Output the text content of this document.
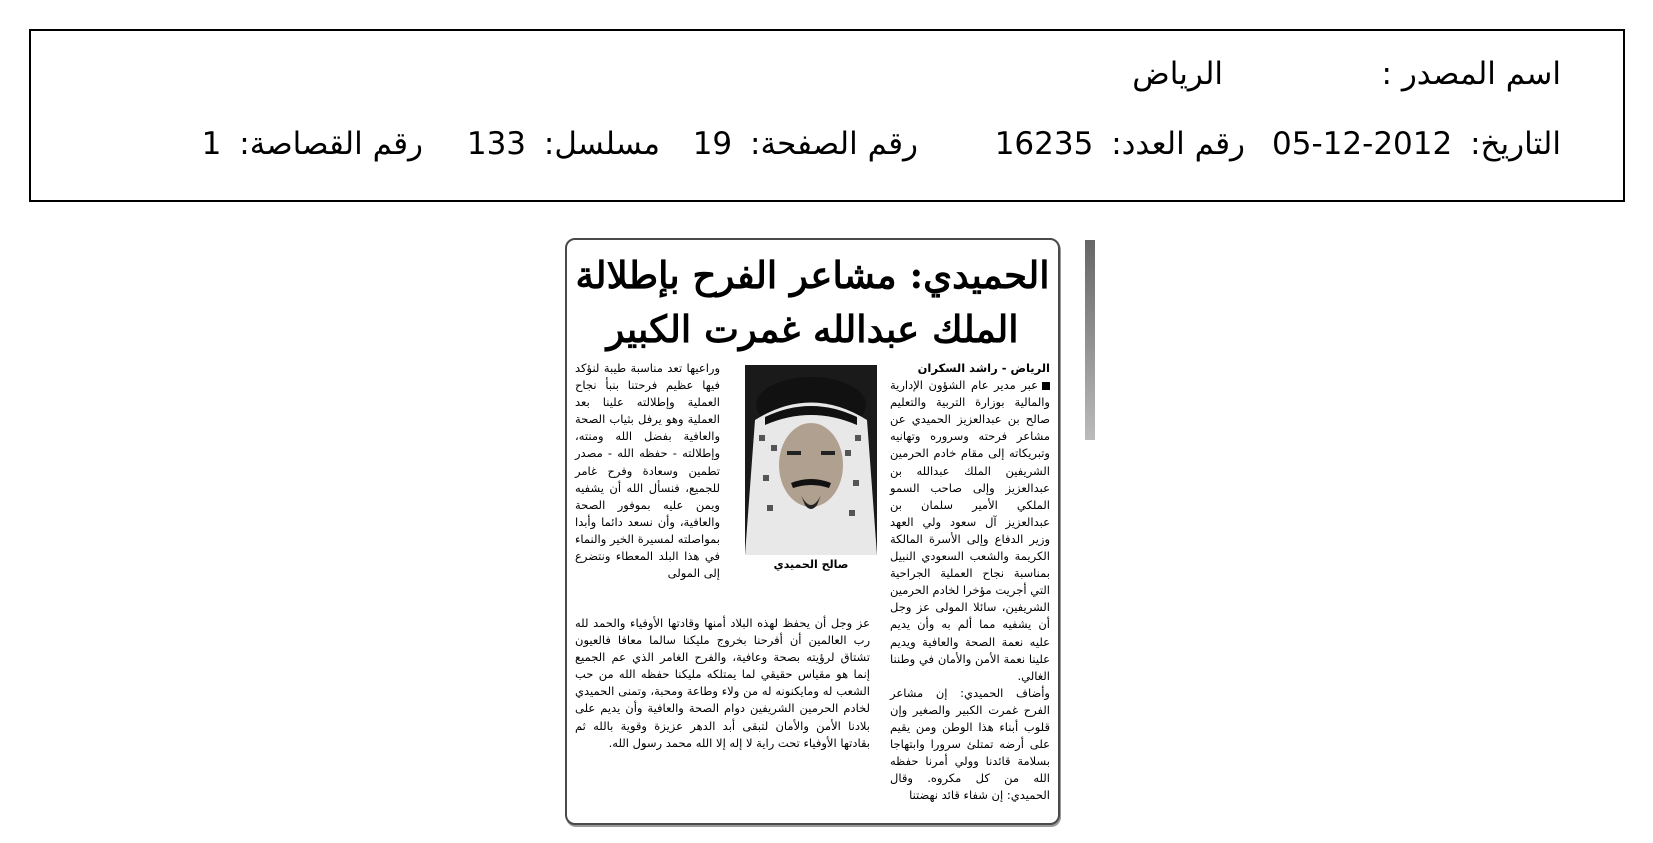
اسم المصدر :
الرياض
التاريخ: 2012-12-05
رقم العدد: 16235
رقم الصفحة: 19
مسلسل: 133
رقم القصاصة: 1
الحميدي: مشاعر الفرح بإطلالة الملك عبدالله غمرت الكبير

الرياض - راشد السكران

عبر مدير عام الشؤون الإدارية والمالية بوزارة التربية والتعليم صالح بن عبدالعزيز الحميدي عن مشاعر فرحته وسروره وتهانيه وتبريكاته إلى مقام خادم الحرمين الشريفين الملك عبدالله بن عبدالعزيز وإلى صاحب السمو الملكي الأمير سلمان بن عبدالعزيز آل سعود ولي العهد وزير الدفاع وإلى الأسرة المالكة الكريمة والشعب السعودي النبيل بمناسبة نجاح العملية الجراحية التي أجريت مؤخرا لخادم الحرمين الشريفين، سائلا المولى عز وجل أن يشفيه مما ألم به وأن يديم عليه نعمة الصحة والعافية ويديم علينا نعمة الأمن والأمان في وطننا الغالي.

وأضاف الحميدي: إن مشاعر الفرح غمرت الكبير والصغير وإن قلوب أبناء هذا الوطن ومن يقيم على أرضه تمتلئ سرورا وابتهاجا بسلامة قائدنا وولي أمرنا حفظه الله من كل مكروه. وقال الحميدي: إن شفاء قائد نهضتنا

صالح الحميدي

وراعيها تعد مناسبة طيبة لنؤكد فيها عظيم فرحتنا بنبأ نجاح العملية وإطلالته علينا بعد العملية وهو يرفل بثياب الصحة والعافية بفضل الله ومنته، وإطلالته - حفظه الله - مصدر تطمين وسعادة وفرح غامر للجميع، فنسأل الله أن يشفيه ويمن عليه بموفور الصحة والعافية، وأن نسعد دائما وأبدا بمواصلته لمسيرة الخير والنماء في هذا البلد المعطاء ونتضرع إلى المولى

عز وجل أن يحفظ لهذه البلاد أمنها وقادتها الأوفياء والحمد لله رب العالمين أن أفرحنا بخروج مليكنا سالما معافا فالعيون تشتاق لرؤيته بصحة وعافية، والفرح الغامر الذي عم الجميع إنما هو مقياس حقيقي لما يمتلكه مليكنا حفظه الله من حب الشعب له ومايكنونه له من ولاء وطاعة ومحبة، وتمنى الحميدي لخادم الحرمين الشريفين دوام الصحة والعافية وأن يديم على بلادنا الأمن والأمان لتبقى أبد الدهر عزيزة وقوية بالله ثم بقادتها الأوفياء تحت راية لا إله إلا الله محمد رسول الله.
